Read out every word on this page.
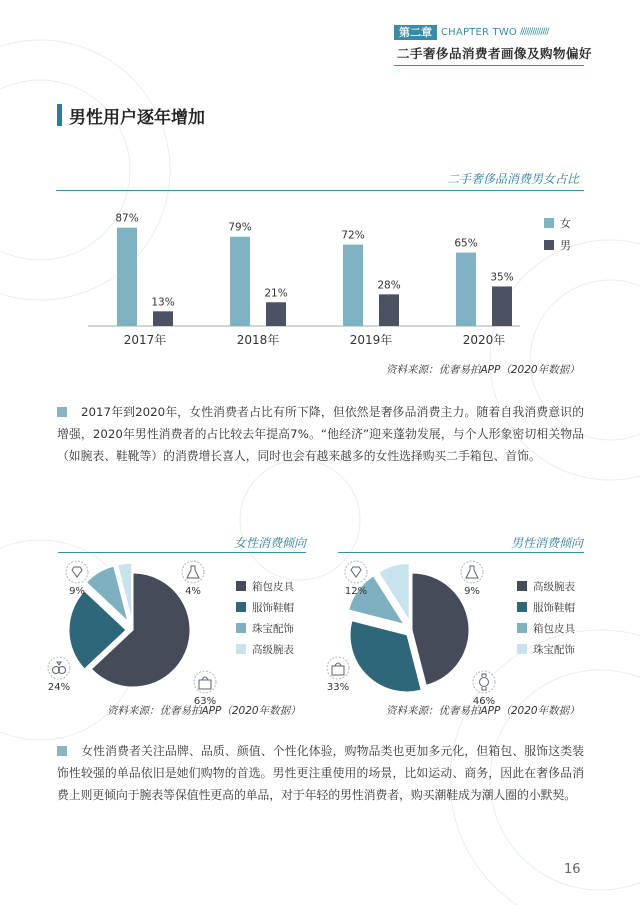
第二章 CHAPTER TWO //////////////
二手奢侈品消费者画像及购物偏好
男性用户逐年增加
二手奢侈品消费男女占比
87%
13%
2017年
79%
21%
2018年
72%
28%
2019年
65%
35%
2020年
女
男
资料来源：优奢易拍APP（2020年数据）
2017年到2020年，女性消费者占比有所下降，但依然是奢侈品消费主力。随着自我消费意识的增强，2020年男性消费者的占比较去年提高7%。“他经济”迎来蓬勃发展，与个人形象密切相关物品（如腕表、鞋靴等）的消费增长喜人，同时也会有越来越多的女性选择购买二手箱包、首饰。
女性消费倾向	男性消费倾向
63%
24%
9%	4%	箱包皮具
服饰鞋帽
珠宝配饰
高级腕表
46%
33%
12%	9%	高级腕表
服饰鞋帽
箱包皮具
珠宝配饰
资料来源：优奢易拍APP（2020年数据）	资料来源：优奢易拍APP（2020年数据）
女性消费者关注品牌、品质、颜值、个性化体验，购物品类也更加多元化，但箱包、服饰这类装饰性较强的单品依旧是她们购物的首选。男性更注重使用的场景，比如运动、商务，因此在奢侈品消费上则更倾向于腕表等保值性更高的单品，对于年轻的男性消费者，购买潮鞋成为潮人圈的小默契。
16
